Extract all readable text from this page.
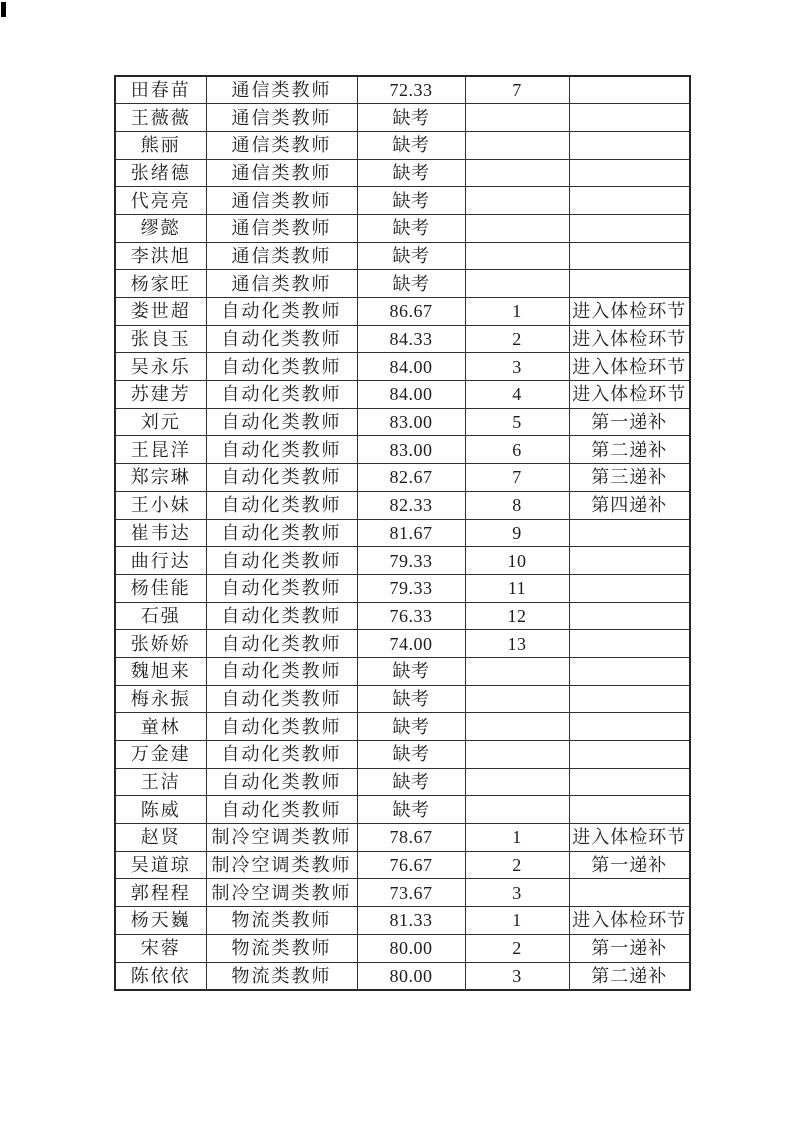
田春苗	通信类教师	72.33	7	
王薇薇	通信类教师	缺考		
熊丽	通信类教师	缺考		
张绪德	通信类教师	缺考		
代亮亮	通信类教师	缺考		
缪懿	通信类教师	缺考		
李洪旭	通信类教师	缺考		
杨家旺	通信类教师	缺考		
娄世超	自动化类教师	86.67	1	进入体检环节
张良玉	自动化类教师	84.33	2	进入体检环节
吴永乐	自动化类教师	84.00	3	进入体检环节
苏建芳	自动化类教师	84.00	4	进入体检环节
刘元	自动化类教师	83.00	5	第一递补
王昆洋	自动化类教师	83.00	6	第二递补
郑宗琳	自动化类教师	82.67	7	第三递补
王小妹	自动化类教师	82.33	8	第四递补
崔韦达	自动化类教师	81.67	9	
曲行达	自动化类教师	79.33	10	
杨佳能	自动化类教师	79.33	11	
石强	自动化类教师	76.33	12	
张娇娇	自动化类教师	74.00	13	
魏旭来	自动化类教师	缺考		
梅永振	自动化类教师	缺考		
童林	自动化类教师	缺考		
万金建	自动化类教师	缺考		
王洁	自动化类教师	缺考		
陈威	自动化类教师	缺考		
赵贤	制冷空调类教师	78.67	1	进入体检环节
吴道琼	制冷空调类教师	76.67	2	第一递补
郭程程	制冷空调类教师	73.67	3	
杨天巍	物流类教师	81.33	1	进入体检环节
宋蓉	物流类教师	80.00	2	第一递补
陈依依	物流类教师	80.00	3	第二递补
